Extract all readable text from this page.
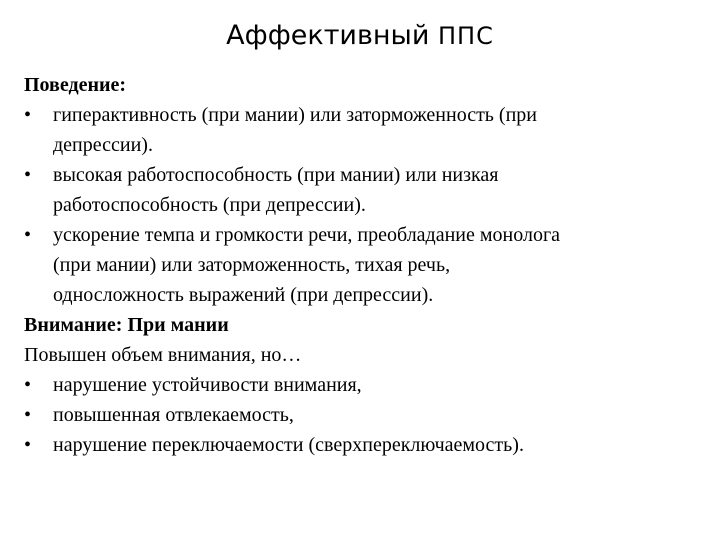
Аффективный ППС
Поведение:
•	гиперактивность (при мании) или заторможенность (при
депрессии).
•	высокая работоспособность (при мании) или низкая
работоспособность (при депрессии).
•	ускорение темпа и громкости речи, преобладание монолога
(при мании) или заторможенность, тихая речь,
односложность выражений (при депрессии).
Внимание: При мании
Повышен объем внимания, но…
•	нарушение устойчивости внимания,
•	повышенная отвлекаемость,
•	нарушение переключаемости (сверхпереключаемость).
